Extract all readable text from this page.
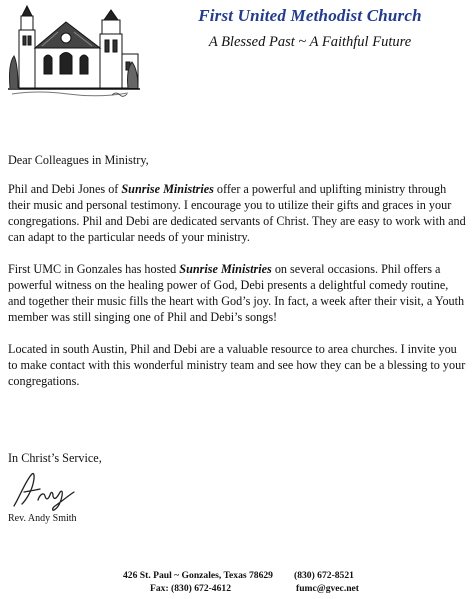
First United Methodist Church
A Blessed Past ~ A Faithful Future

Dear Colleagues in Ministry,

Phil and Debi Jones of Sunrise Ministries offer a powerful and uplifting ministry through their music and personal testimony. I encourage you to utilize their gifts and graces in your congregations. Phil and Debi are dedicated servants of Christ. They are easy to work with and can adapt to the particular needs of your ministry.

First UMC in Gonzales has hosted Sunrise Ministries on several occasions. Phil offers a powerful witness on the healing power of God, Debi presents a delightful comedy routine, and together their music fills the heart with God’s joy. In fact, a week after their visit, a Youth member was still singing one of Phil and Debi’s songs!

Located in south Austin, Phil and Debi are a valuable resource to area churches. I invite you to make contact with this wonderful ministry team and see how they can be a blessing to your congregations.

In Christ’s Service,
Rev. Andy Smith
426 St. Paul ~ Gonzales, Texas 78629 (830) 672-8521
Fax: (830) 672-4612	fumc@gvec.net
